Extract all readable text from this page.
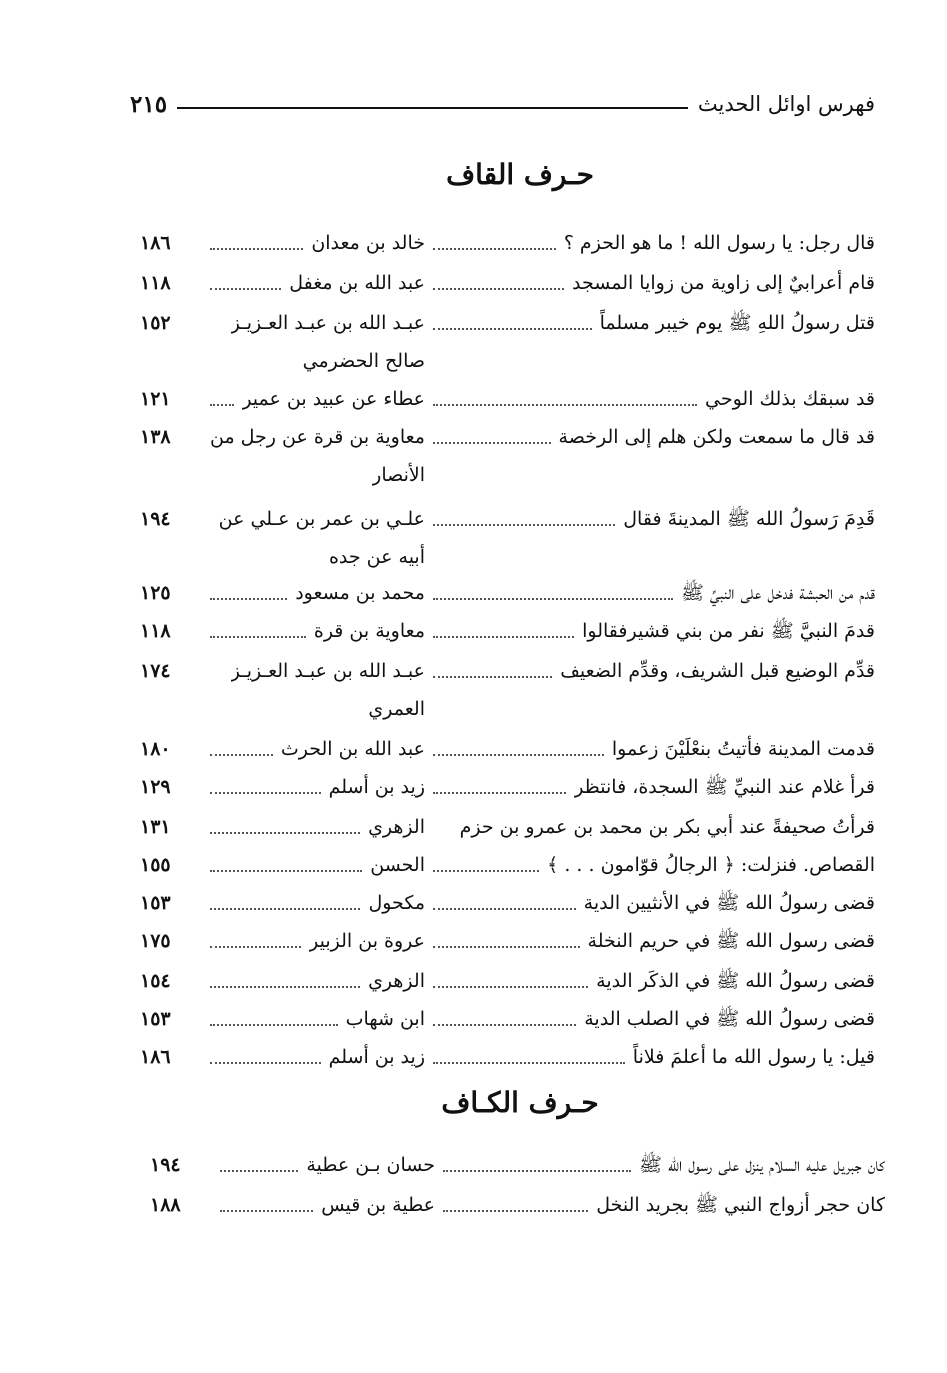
فهرس اوائل الحديث
٢١٥
حـرف القاف
قال رجل: يا رسول الله ! ما هو الحزم ؟
خالد بن معدان
١٨٦
قام أعرابيٌ إلى زاوية من زوايا المسجد
عبد الله بن مغفل
١١٨
قتل رسولُ اللهِ ﷺ يوم خيبر مسلماً
عبـد الله بن عبـد العـزيـز
صالح الحضرمي
١٥٢
قد سبقك بذلك الوحي
عطاء عن عبيد بن عمير
١٢١
قد قال ما سمعت ولكن هلم إلى الرخصة
معاوية بن قرة عن رجل من
الأنصار
١٣٨
قَدِمَ رَسولُ الله ﷺ المدينةَ فقال
علـي بن عمر بن عـلي عن
أبيه عن جده
١٩٤
قدم من الحبشة فدخل على النبيِّ ﷺ
محمد بن مسعود
١٢٥
قدمَ النبيَّ ﷺ نفر من بني قشيرفقالوا
معاوية بن قرة
١١٨
قدِّم الوضيع قبل الشريف، وقدِّم الضعيف
عبـد الله بن عبـد العـزيـز
العمري
١٧٤
قدمت المدينة فأتيتُ بنعْلَيْنَ زعموا
عبد الله بن الحرث
١٨٠
قرأ غلام عند النبيِّ ﷺ السجدة، فانتظر
زيد بن أسلم
١٢٩
قرأتُ صحيفةً عند أبي بكر بن محمد بن عمرو بن حزم
الزهري
١٣١
القصاص. فنزلت: ﴿ الرجالُ قوّامون . . . ﴾
الحسن
١٥٥
قضى رسولُ الله ﷺ في الأنثيين الدية
مكحول
١٥٣
قضى رسول الله ﷺ في حريم النخلة
عروة بن الزبير
١٧٥
قضى رسولُ الله ﷺ في الذكَر الدية
الزهري
١٥٤
قضى رسولُ الله ﷺ في الصلب الدية
ابن شهاب
١٥٣
قيل: يا رسول الله ما أعلمَ فلاناً
زيد بن أسلم
١٨٦
حـرف الكـاف
كان جبريل عليه السلام ينزل على رسول الله ﷺ
حسان بـن عطية
١٩٤
كان حجر أزواج النبي ﷺ بجريد النخل
عطية بن قيس
١٨٨
